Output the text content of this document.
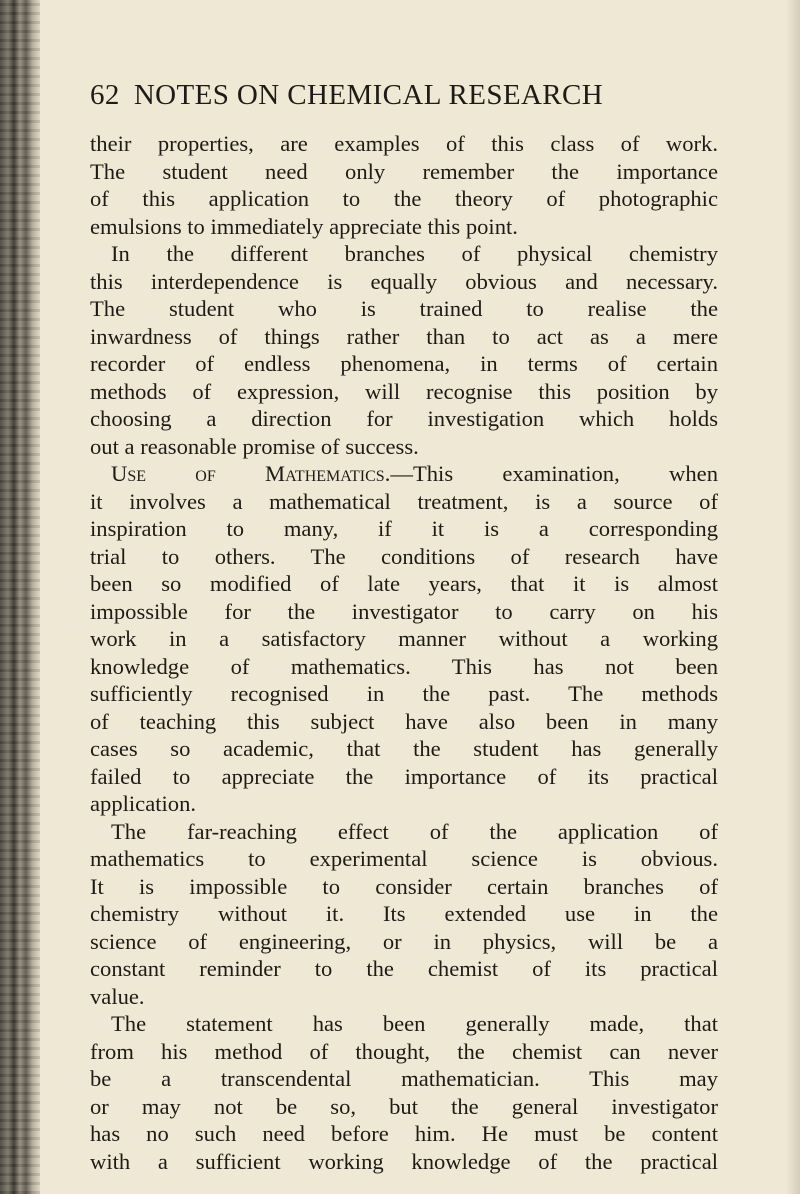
62 NOTES ON CHEMICAL RESEARCH
their properties, are examples of this class of work.
The student need only remember the importance
of this application to the theory of photographic
emulsions to immediately appreciate this point.
In the different branches of physical chemistry
this interdependence is equally obvious and necessary.
The student who is trained to realise the
inwardness of things rather than to act as a mere
recorder of endless phenomena, in terms of certain
methods of expression, will recognise this position by
choosing a direction for investigation which holds
out a reasonable promise of success.
Use of Mathematics.—This examination, when
it involves a mathematical treatment, is a source of
inspiration to many, if it is a corresponding
trial to others. The conditions of research have
been so modified of late years, that it is almost
impossible for the investigator to carry on his
work in a satisfactory manner without a working
knowledge of mathematics. This has not been
sufficiently recognised in the past. The methods
of teaching this subject have also been in many
cases so academic, that the student has generally
failed to appreciate the importance of its practical
application.
The far-reaching effect of the application of
mathematics to experimental science is obvious.
It is impossible to consider certain branches of
chemistry without it. Its extended use in the
science of engineering, or in physics, will be a
constant reminder to the chemist of its practical
value.
The statement has been generally made, that
from his method of thought, the chemist can never
be a transcendental mathematician. This may
or may not be so, but the general investigator
has no such need before him. He must be content
with a sufficient working knowledge of the practical
